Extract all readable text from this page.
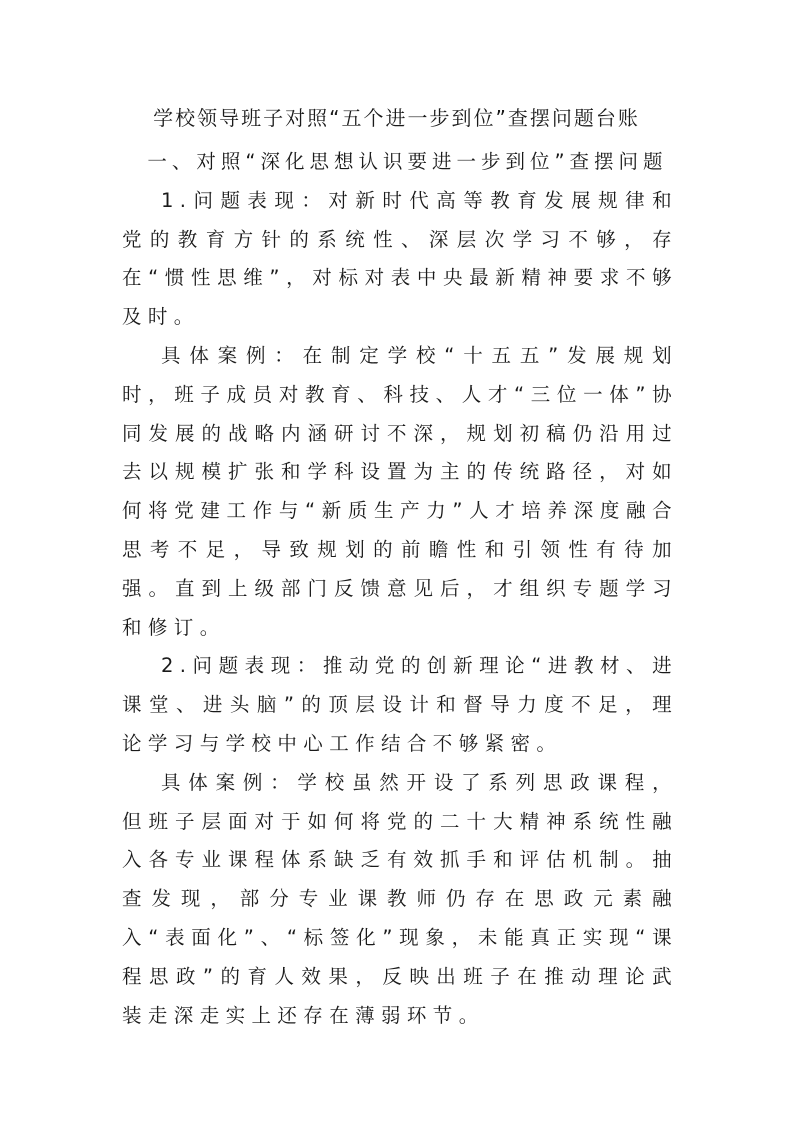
学校领导班子对照“五个进一步到位”查摆问题台账

一、对照“深化思想认识要进一步到位”查摆问题

1.问题表现：对新时代高等教育发展规律和党的教育方针的系统性、深层次学习不够，存在“惯性思维”，对标对表中央最新精神要求不够及时。

具体案例：在制定学校“十五五”发展规划时，班子成员对教育、科技、人才“三位一体”协同发展的战略内涵研讨不深，规划初稿仍沿用过去以规模扩张和学科设置为主的传统路径，对如何将党建工作与“新质生产力”人才培养深度融合思考不足，导致规划的前瞻性和引领性有待加强。直到上级部门反馈意见后，才组织专题学习和修订。

2.问题表现：推动党的创新理论“进教材、进课堂、进头脑”的顶层设计和督导力度不足，理论学习与学校中心工作结合不够紧密。

具体案例：学校虽然开设了系列思政课程，但班子层面对于如何将党的二十大精神系统性融入各专业课程体系缺乏有效抓手和评估机制。抽查发现，部分专业课教师仍存在思政元素融入“表面化”、“标签化”现象，未能真正实现“课程思政”的育人效果，反映出班子在推动理论武装走深走实上还存在薄弱环节。
